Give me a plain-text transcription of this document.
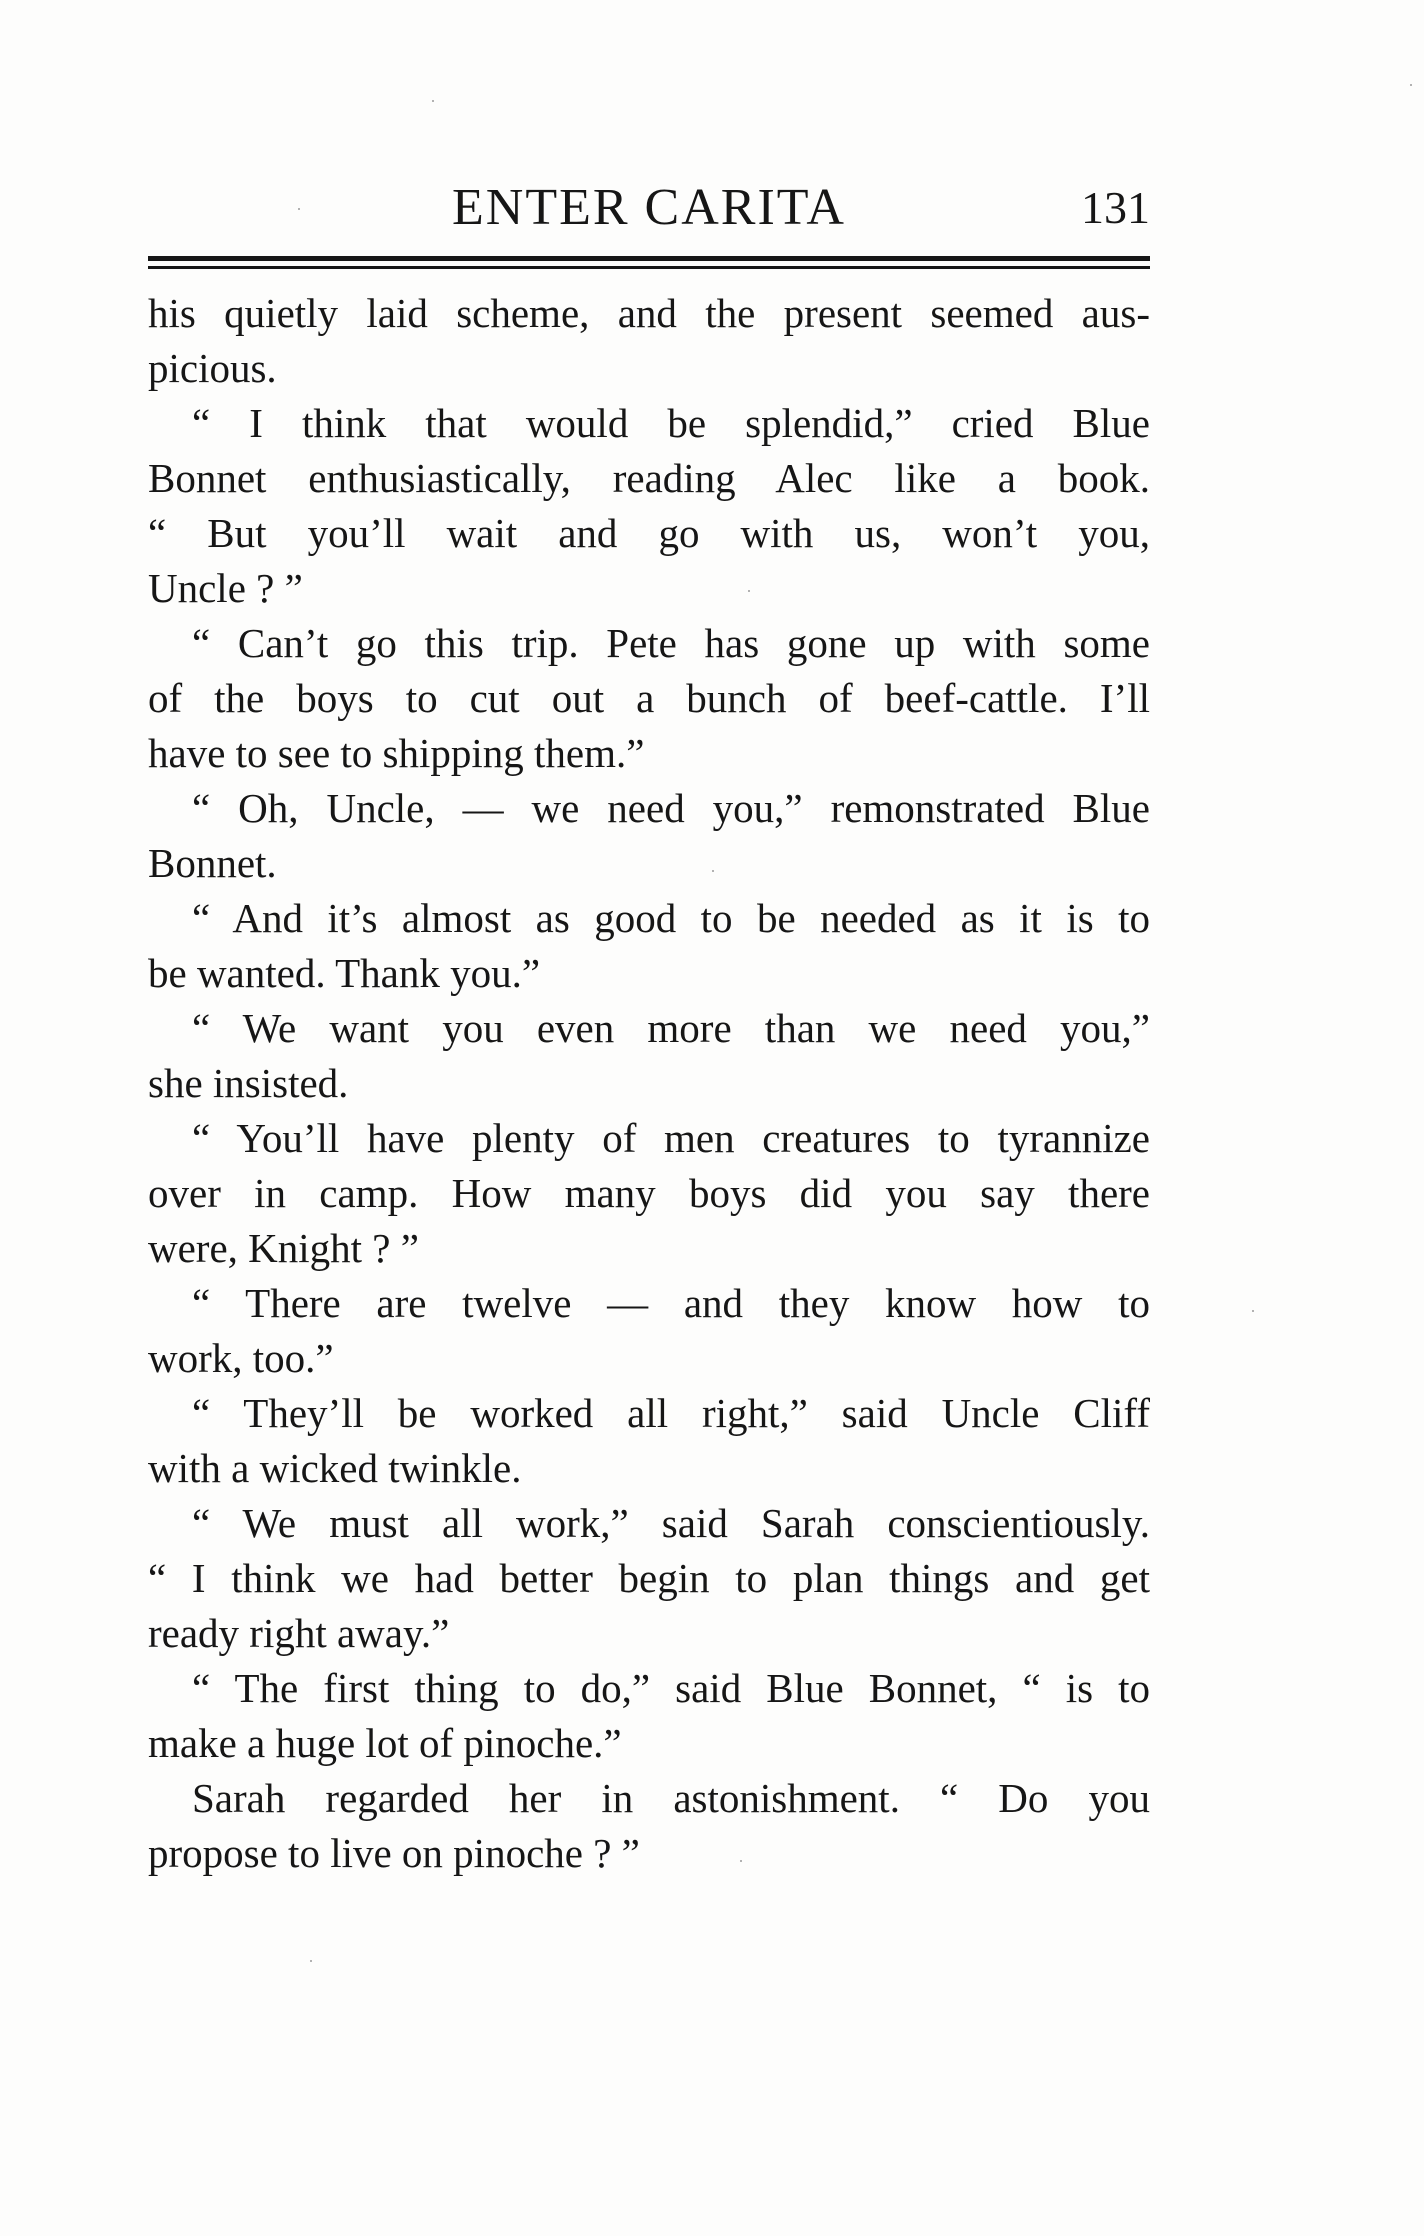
ENTER CARITA	131
his quietly laid scheme, and the present seemed aus-
picious.
“ I think that would be splendid,” cried Blue
Bonnet enthusiastically, reading Alec like a book.
“ But you’ll wait and go with us, won’t you,
Uncle ? ”
“ Can’t go this trip. Pete has gone up with some
of the boys to cut out a bunch of beef-cattle. I’ll
have to see to shipping them.”
“ Oh, Uncle, — we need you,” remonstrated Blue
Bonnet.
“ And it’s almost as good to be needed as it is to
be wanted. Thank you.”
“ We want you even more than we need you,”
she insisted.
“ You’ll have plenty of men creatures to tyrannize
over in camp. How many boys did you say there
were, Knight ? ”
“ There are twelve — and they know how to
work, too.”
“ They’ll be worked all right,” said Uncle Cliff
with a wicked twinkle.
“ We must all work,” said Sarah conscientiously.
“ I think we had better begin to plan things and get
ready right away.”
“ The first thing to do,” said Blue Bonnet, “ is to
make a huge lot of pinoche.”
Sarah regarded her in astonishment. “ Do you
propose to live on pinoche ? ”
